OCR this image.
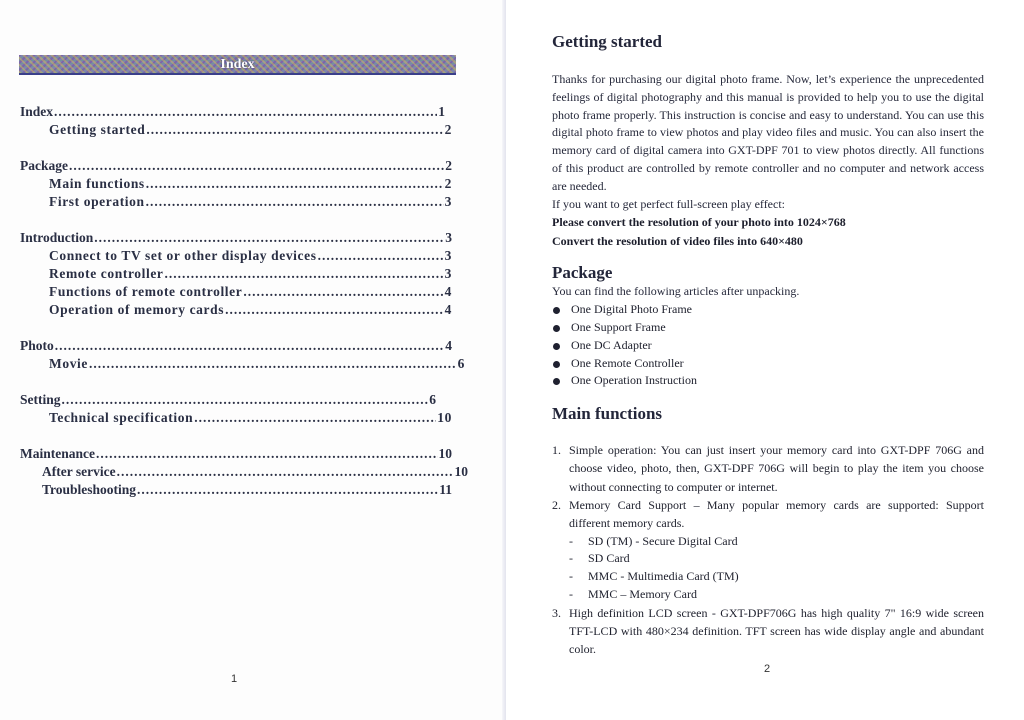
Index
Index .....	1
Getting started .....	2
Package .....	2
Main functions .....	2
First operation .....	3
Introduction .....	3
Connect to TV set or other display devices .....	3
Remote controller .....	3
Functions of remote controller .....	4
Operation of memory cards .....	4
Photo .....	4
Movie .....	6
Setting .....	6
Technical specification .....	10
Maintenance .....	10
After service .....	10
Troubleshooting .....	11
1
Getting started

Thanks for purchasing our digital photo frame. Now, let’s experience the unprecedented feelings of digital photography and this manual is provided to help you to use the digital photo frame properly. This instruction is concise and easy to understand. You can use this digital photo frame to view photos and play video files and music. You can also insert the memory card of digital camera into GXT-DPF 701 to view photos directly. All functions of this product are controlled by remote controller and no computer and network access are needed.

If you want to get perfect full-screen play effect:

Please convert the resolution of your photo into 1024×768
Convert the resolution of video files into 640×480
Package

You can find the following articles after unpacking.

One Digital Photo Frame
One Support Frame
One DC Adapter
One Remote Controller
One Operation Instruction
Main functions
1. Simple operation: You can just insert your memory card into GXT-DPF 706G and choose video, photo, then, GXT-DPF 706G will begin to play the item you choose without connecting to computer or internet.
2. Memory Card Support – Many popular memory cards are supported: Support different memory cards.
- SD (TM) - Secure Digital Card
- SD Card
- MMC - Multimedia Card (TM)
- MMC – Memory Card
3. High definition LCD screen - GXT-DPF706G has high quality 7" 16:9 wide screen TFT-LCD with 480×234 definition. TFT screen has wide display angle and abundant color.
2
